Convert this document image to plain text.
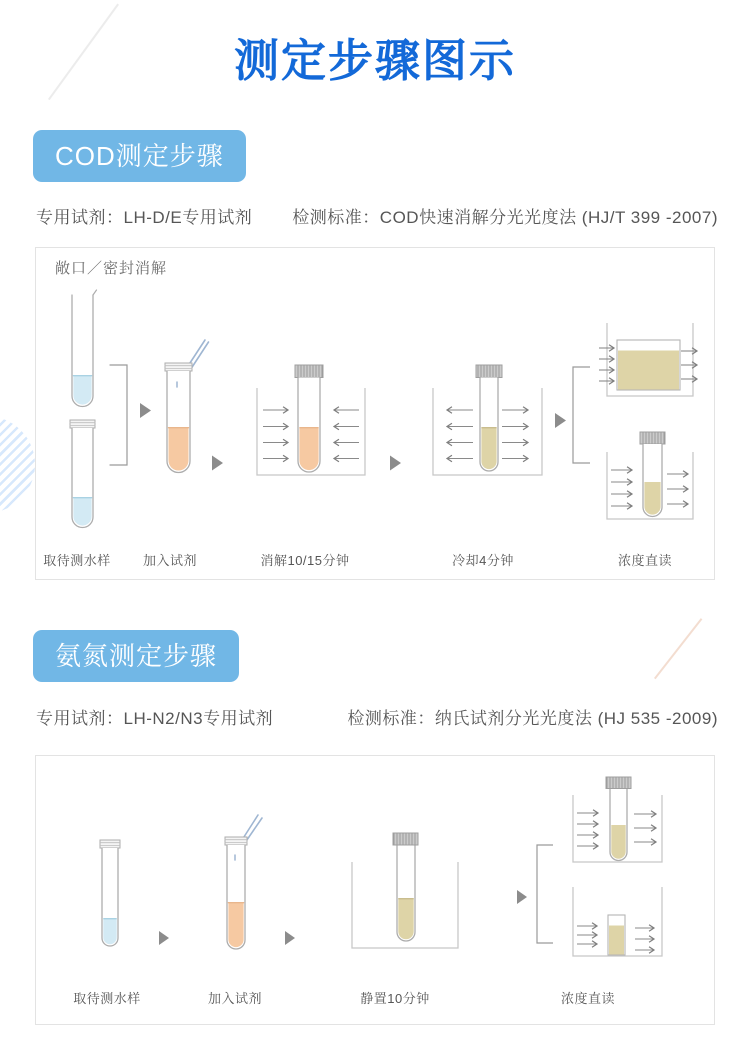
测定步骤图示
COD测定步骤
专用试剂：LH-D/E专用试剂 检测标准：COD快速消解分光光度法 (HJ/T 399 -2007)
敞口／密封消解
取待测水样 加入试剂	消解10/15分钟	冷却4分钟	浓度直读
氨氮测定步骤
专用试剂：LH-N2/N3专用试剂	检测标准：纳氏试剂分光光度法 (HJ 535 -2009)
取待测水样	加入试剂	静置10分钟	浓度直读
